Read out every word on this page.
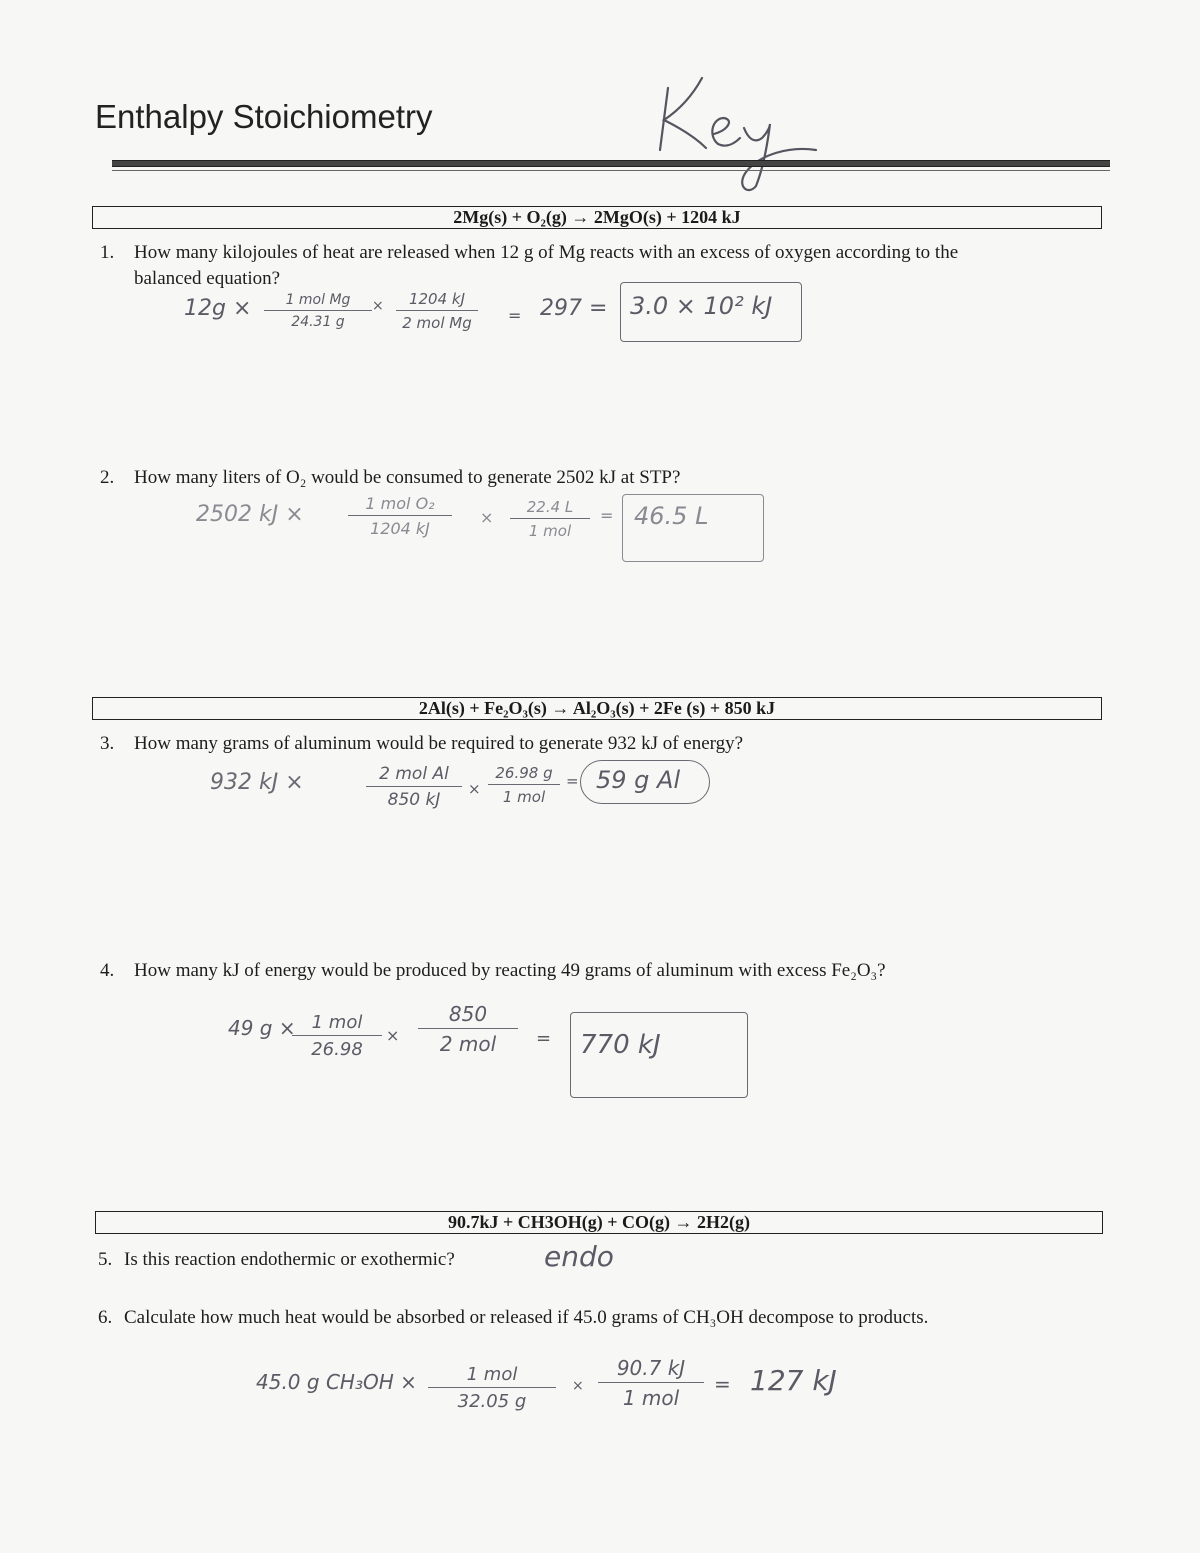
Enthalpy Stoichiometry
2Mg(s) + O₂(g) → 2MgO(s) + 1204 kJ
1. How many kilojoules of heat are released when 12 g of Mg reacts with an excess of oxygen according to the
balanced equation?
12g ×	1 mol Mg
24.31 g
×	1204 kJ
2 mol Mg	= 297 = 3.0 × 10² kJ
2. How many liters of O₂ would be consumed to generate 2502 kJ at STP?
2502 kJ ×	1 mol O₂
1204 kJ
×
22.4 L
1 mol
= 46.5 L
2Al(s) + Fe₂O₃(s) → Al₂O₃(s) + 2Fe (s) + 850 kJ
3. How many grams of aluminum would be required to generate 932 kJ of energy?
932 kJ ×	2 mol Al
850 kJ
×
26.98 g
1 mol
= 59 g Al
4. How many kJ of energy would be produced by reacting 49 grams of aluminum with excess Fe₂O₃?
49 g × 1 mol
26.98
×
850
2 mol	= 770 kJ
90.7kJ + CH3OH(g) + CO(g) → 2H2(g)
5. Is this reaction endothermic or exothermic?	endo
6. Calculate how much heat would be absorbed or released if 45.0 grams of CH₃OH decompose to products.
45.0 g CH₃OH ×	1 mol
32.05 g
×
90.7 kJ
1 mol
= 127 kJ
